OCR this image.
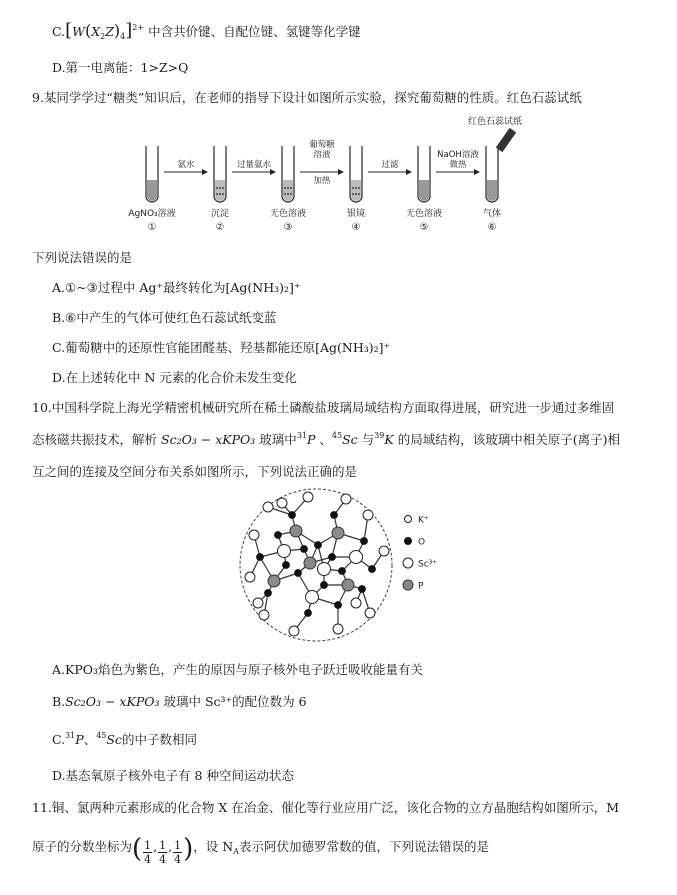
$C.[W(X_2Z)_4]^{2+}$ 中含共价键、自配位键、氢键等化学键
D.第一电离能：1>Z>Q
9.某同学学过“糖类”知识后，在老师的指导下设计如图所示实验，探究葡萄糖的性质。红色石蕊试纸
AgNO₃溶液
①
沉淀
②
无色溶液
③
银镜
④
无色溶液
⑤
气体
⑥
氨水	过量氨水
葡萄糖
溶液
加热
过滤
NaOH溶液
微热
红色石蕊试纸
下列说法错误的是
A.①~③过程中 Ag⁺最终转化为[Ag(NH₃)₂]⁺
B.⑥中产生的气体可使红色石蕊试纸变蓝
C.葡萄糖中的还原性官能团醛基、羟基都能还原[Ag(NH₃)₂]⁺
D.在上述转化中 N 元素的化合价未发生变化
10.中国科学院上海光学精密机械研究所在稀土磷酸盐玻璃局域结构方面取得进展，研究进一步通过多维固
态核磁共振技术，解析 Sc₂O₃ − xKPO₃ 玻璃中$^{31}$P 、$^{45}$Sc 与$^{39}$K 的局域结构，该玻璃中相关原子(离子)相
互之间的连接及空间分布关系如图所示，下列说法正确的是
K⁺
O
Sc³⁺
P
A.KPO₃焰色为紫色，产生的原因与原子核外电子跃迁吸收能量有关
B.Sc₂O₃ − xKPO₃ 玻璃中 Sc³⁺的配位数为 6
C.$^{31}$P、$^{45}$Sc的中子数相同
D.基态氧原子核外电子有 8 种空间运动状态
11.铜、氯两种元素形成的化合物 X 在冶金、催化等行业应用广泛，该化合物的立方晶胞结构如图所示，M
原子的分数坐标为( $\frac{1}{4}$ , $\frac{1}{4}$ , $\frac{1}{4}$ )，设 $N_A$表示阿伏加德罗常数的值，下列说法错误的是
